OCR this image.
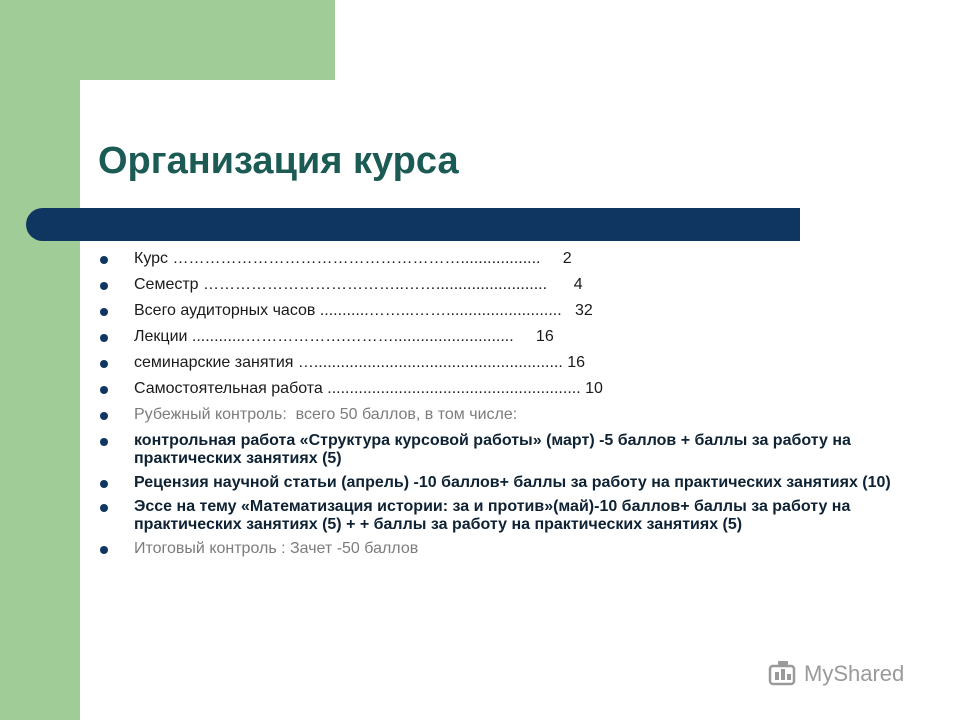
Организация курса
Курс ………………………………………………..................     2
Семестр ………………………………..…….........................      4
Всего аудиторных часов ...........……...……..........................   32
Лекции ............……………….………...........................     16
семинарские занятия …........................................................ 16
Самостоятельная работа ......................................................... 10
Рубежный контроль:  всего 50 баллов, в том числе:
контрольная работа «Структура курсовой работы» (март) -5 баллов + баллы за работу на практических занятиях (5)
Рецензия научной статьи (апрель) -10 баллов+ баллы за работу на практических занятиях (10)
Эссе на тему «Математизация истории: за и против»(май)-10 баллов+ баллы за работу на практических занятиях (5) + + баллы за работу на практических занятиях (5)
Итоговый контроль : Зачет -50 баллов
MyShared
